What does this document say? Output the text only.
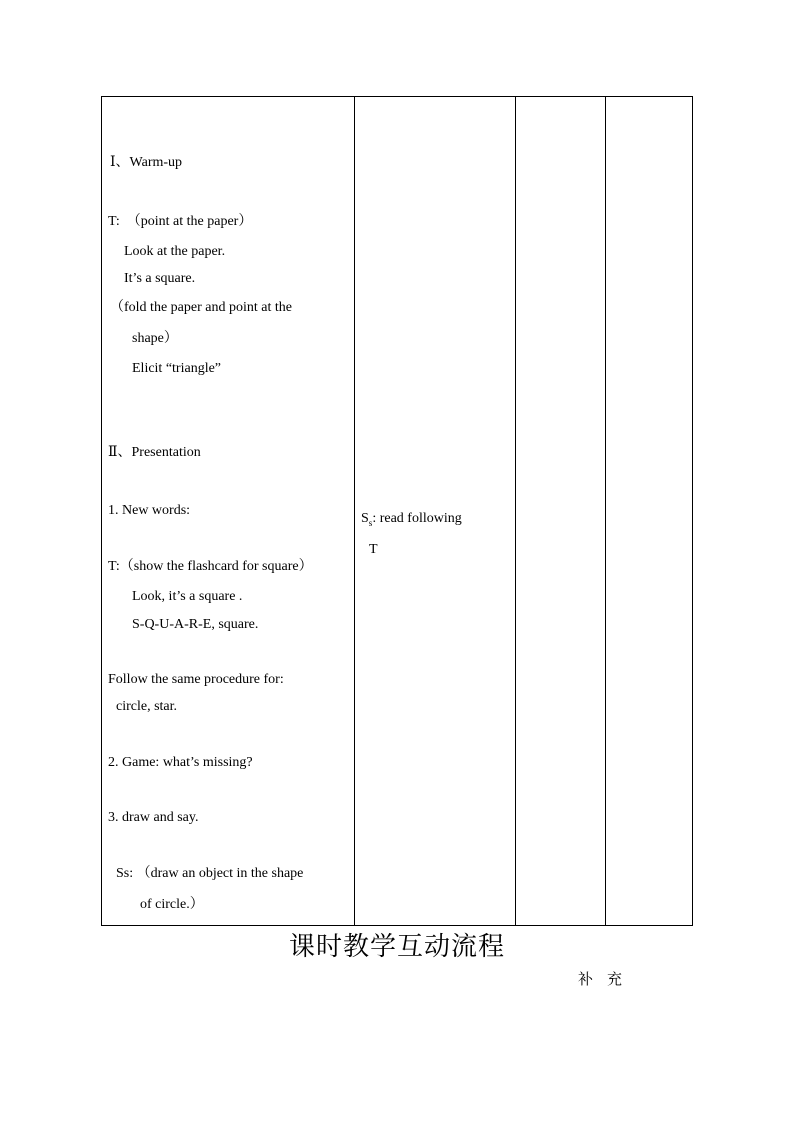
Ⅰ、Warm-up
T:　（point at the paper）
Look at the paper.
It’s a square.
（fold the paper and point at the
shape）
Elicit “triangle”
Ⅱ、Presentation
1. New words:
T:（show the flashcard for square）
Look, it’s a square .
S-Q-U-A-R-E, square.
Follow the same procedure for:
circle, star.
2. Game: what’s missing?
3. draw and say.
Ss: （draw an object in the shape
of circle.）
$S_s$: read following
T
课时教学互动流程
补充
